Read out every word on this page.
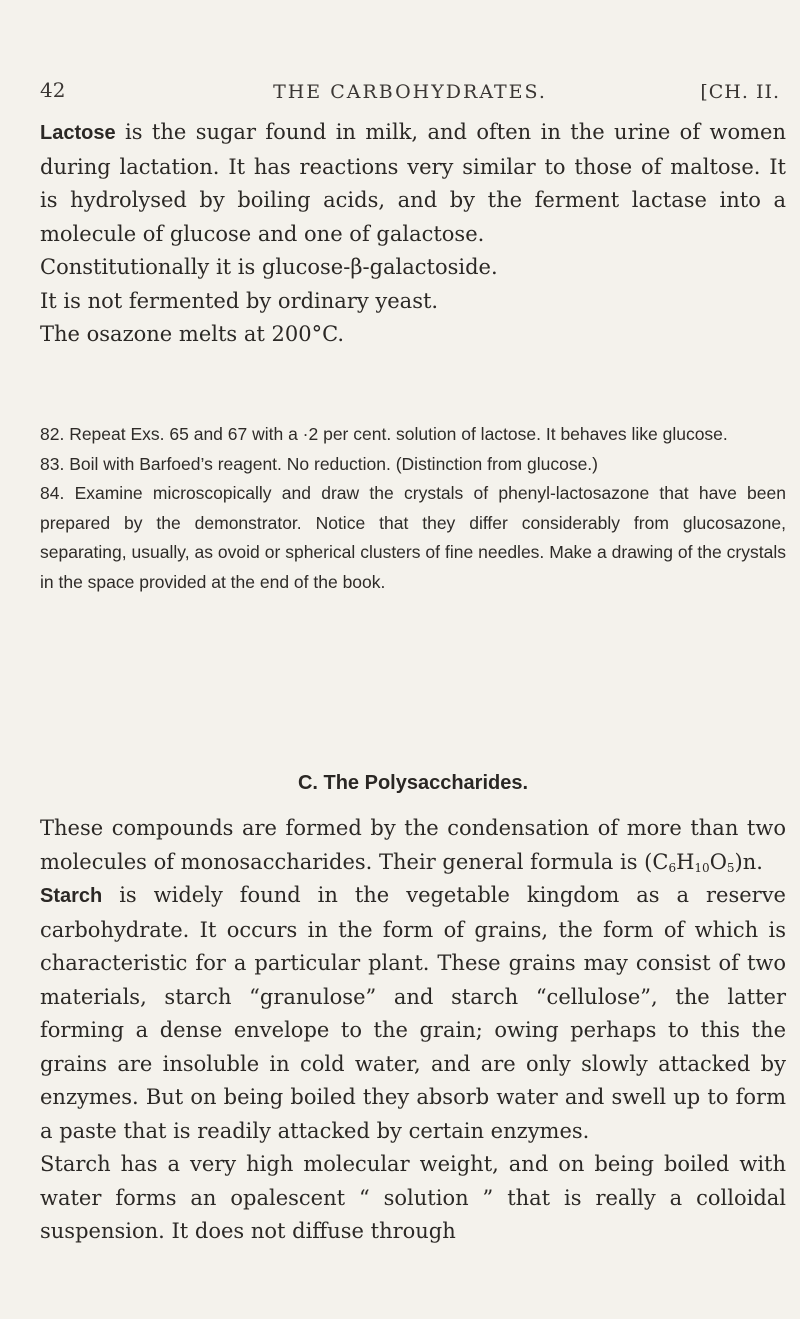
42	THE CARBOHYDRATES.	[CH. II.

Lactose is the sugar found in milk, and often in the urine of women during lactation. It has reactions very similar to those of maltose. It is hydrolysed by boiling acids, and by the ferment lactase into a molecule of glucose and one of galactose.

Constitutionally it is glucose-β-galactoside.

It is not fermented by ordinary yeast.

The osazone melts at 200°C.

82. Repeat Exs. 65 and 67 with a ·2 per cent. solution of lactose. It behaves like glucose.

83. Boil with Barfoed’s reagent. No reduction. (Distinction from glucose.)

84. Examine microscopically and draw the crystals of phenyl-lactosazone that have been prepared by the demonstrator. Notice that they differ considerably from glucosazone, separating, usually, as ovoid or spherical clusters of fine needles. Make a drawing of the crystals in the space provided at the end of the book.

C. The Polysaccharides.

These compounds are formed by the condensation of more than two molecules of monosaccharides. Their general formula is $(C_6H_{10}O_5)n$.

Starch is widely found in the vegetable kingdom as a reserve carbohydrate. It occurs in the form of grains, the form of which is characteristic for a particular plant. These grains may consist of two materials, starch “granulose” and starch “cellulose”, the latter forming a dense envelope to the grain; owing perhaps to this the grains are insoluble in cold water, and are only slowly attacked by enzymes. But on being boiled they absorb water and swell up to form a paste that is readily attacked by certain enzymes.

Starch has a very high molecular weight, and on being boiled with water forms an opalescent “ solution ” that is really a colloidal suspension. It does not diffuse through
